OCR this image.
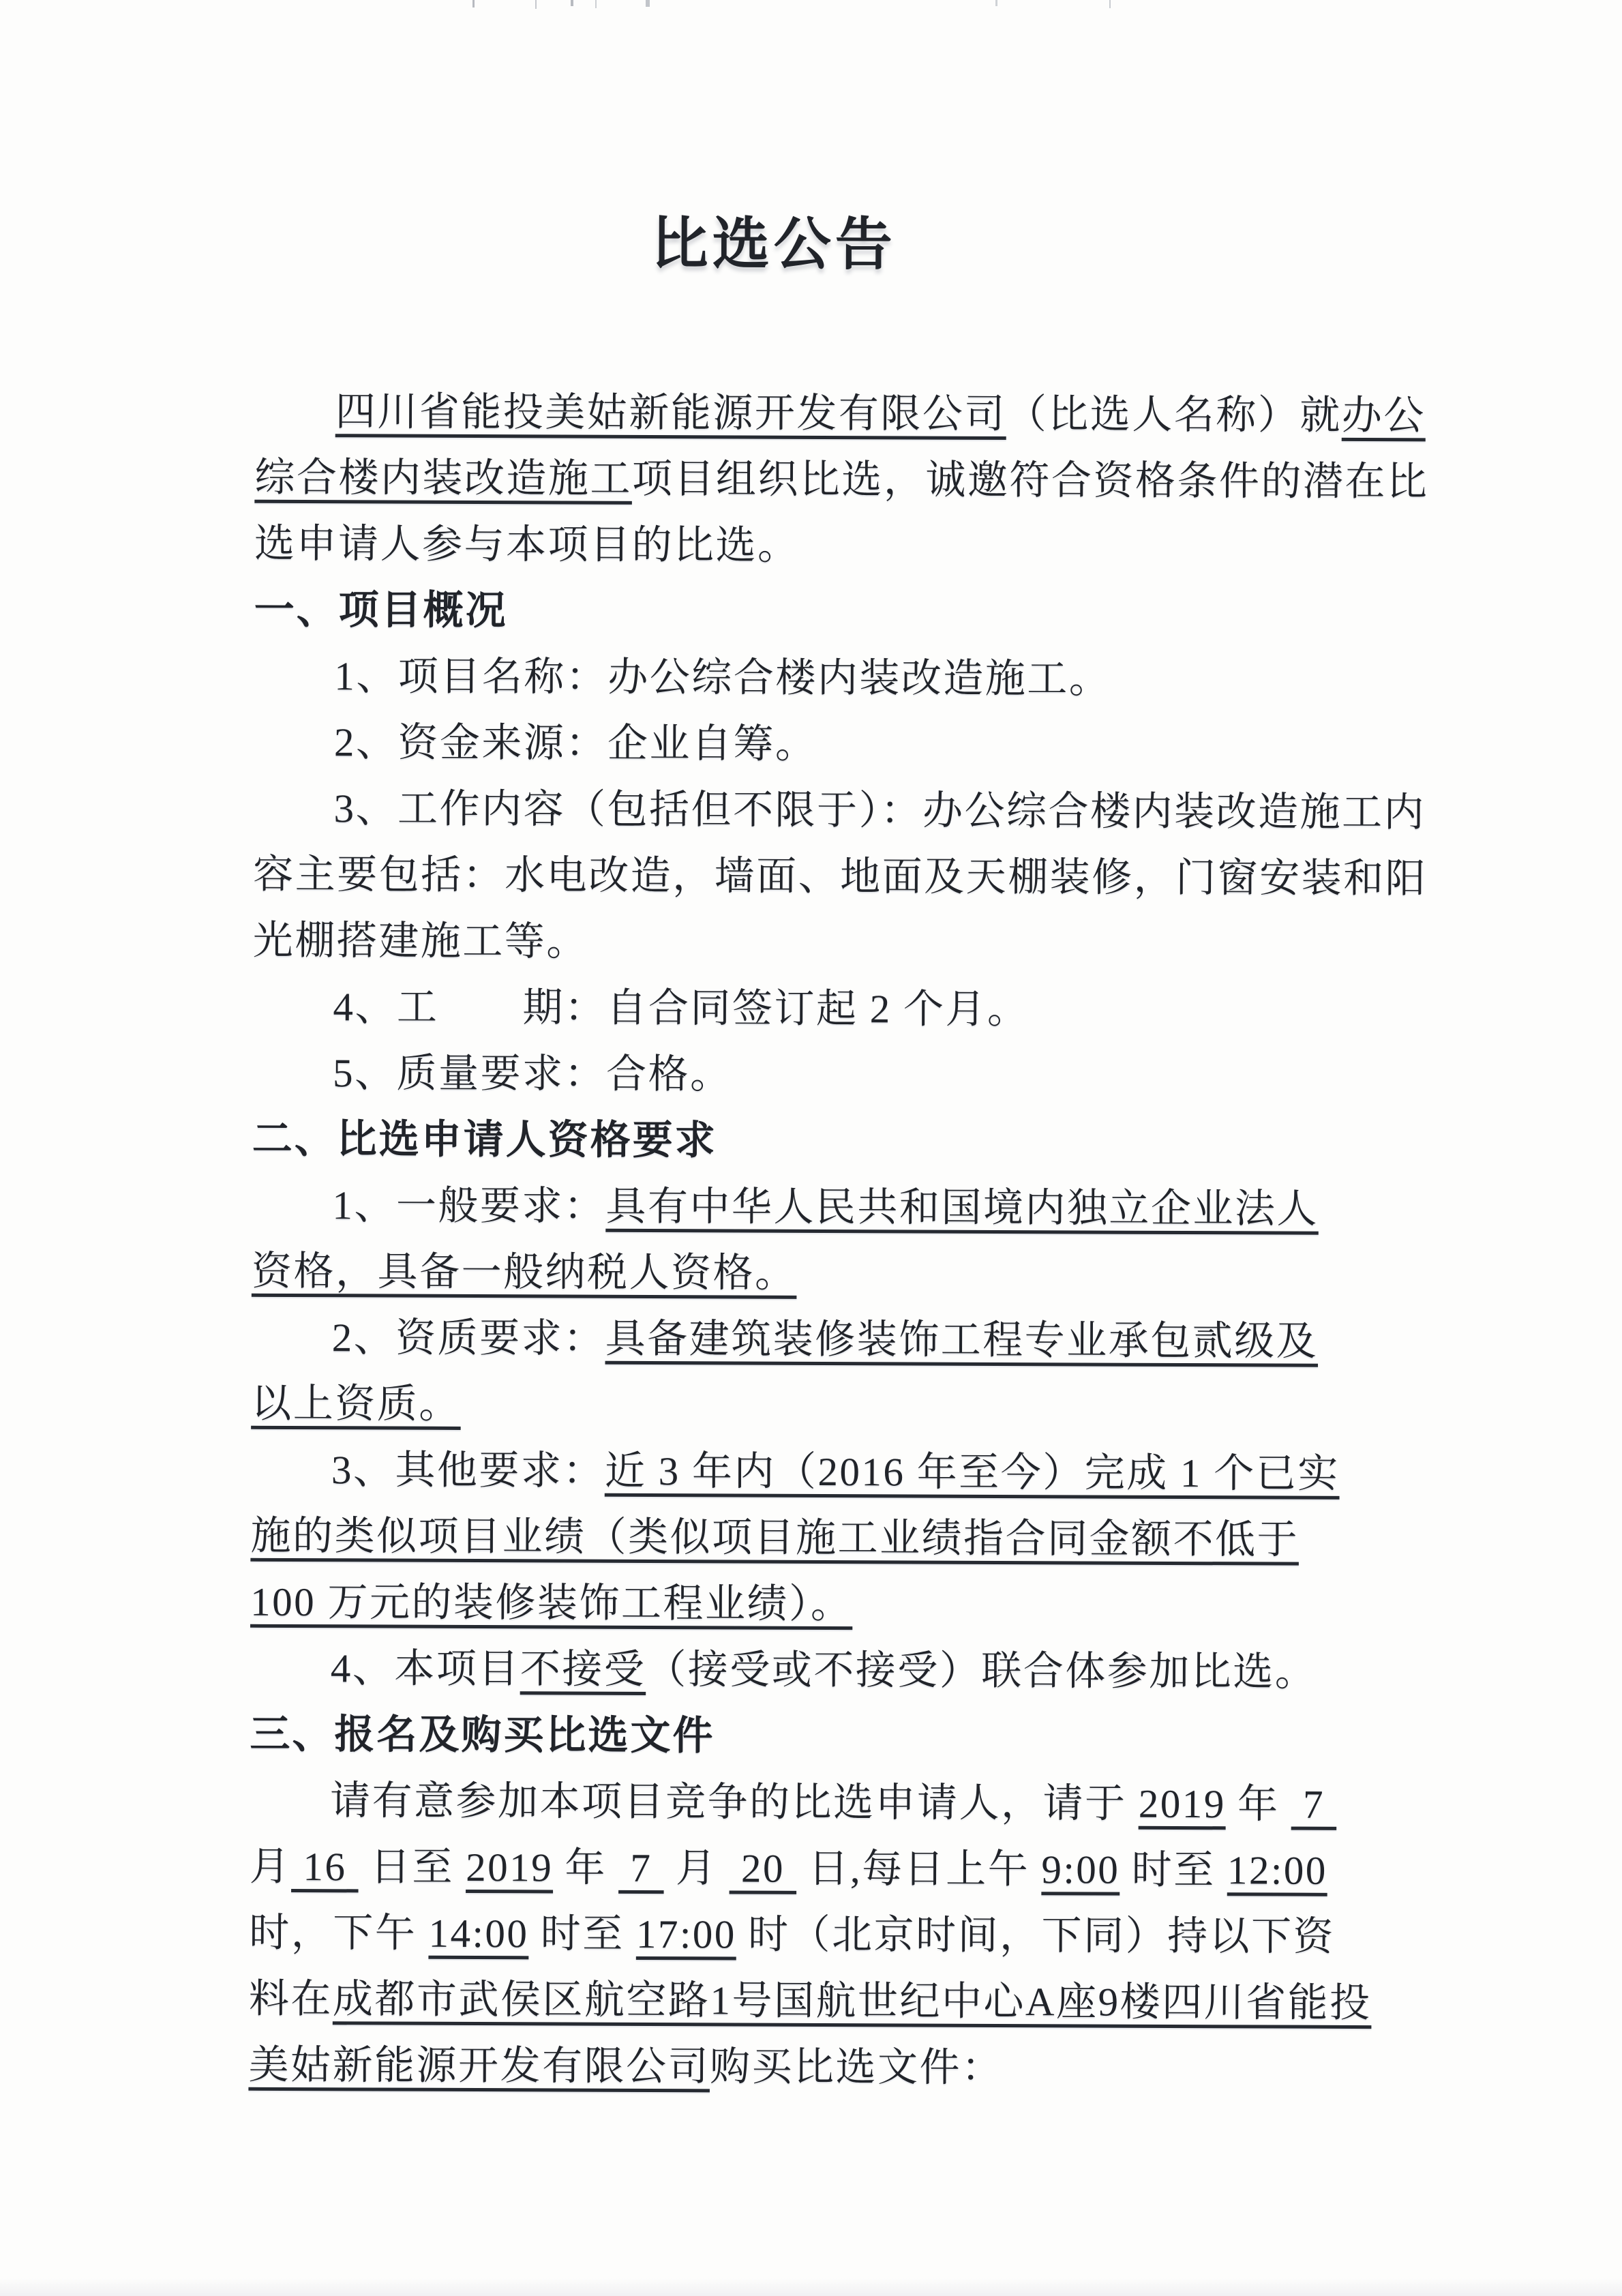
比选公告
四川省能投美姑新能源开发有限公司（比选人名称）就办公
综合楼内装改造施工项目组织比选，诚邀符合资格条件的潜在比
选申请人参与本项目的比选。
一、项目概况
1、项目名称：办公综合楼内装改造施工。
2、资金来源：企业自筹。
3、工作内容（包括但不限于）：办公综合楼内装改造施工内
容主要包括：水电改造，墙面、地面及天棚装修，门窗安装和阳
光棚搭建施工等。
4、工　　期：自合同签订起 2 个月。
5、质量要求：合格。
二、比选申请人资格要求
1、一般要求：具有中华人民共和国境内独立企业法人
资格，具备一般纳税人资格。
2、资质要求：具备建筑装修装饰工程专业承包贰级及
以上资质。
3、其他要求：近 3 年内（2016 年至今）完成 1 个已实
施的类似项目业绩（类似项目施工业绩指合同金额不低于
100 万元的装修装饰工程业绩）。
4、本项目不接受（接受或不接受）联合体参加比选。
三、报名及购买比选文件
请有意参加本项目竞争的比选申请人，请于 2019 年  7
月 16  日至 2019 年  7  月  20  日,每日上午 9:00 时至 12:00
时，下午 14:00 时至 17:00 时（北京时间，下同）持以下资
料在成都市武侯区航空路1号国航世纪中心A座9楼四川省能投
美姑新能源开发有限公司购买比选文件：
